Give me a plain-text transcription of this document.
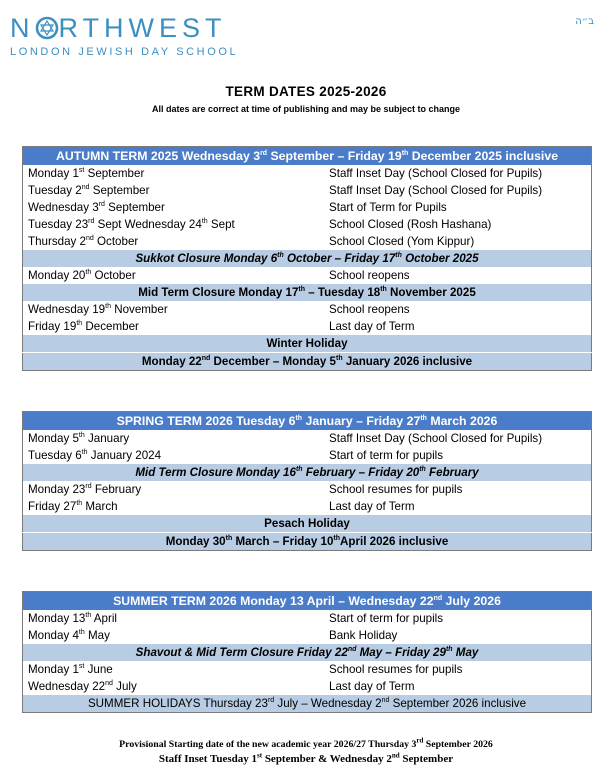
N RTHWEST
LONDON JEWISH DAY SCHOOL
ב״ה
TERM DATES 2025-2026
All dates are correct at time of publishing and may be subject to change
AUTUMN TERM 2025 Wednesday 3rd September – Friday 19th December 2025 inclusive	
Monday 1st September	Staff Inset Day (School Closed for Pupils)
Tuesday 2nd September	Staff Inset Day (School Closed for Pupils)
Wednesday 3rd September	Start of Term for Pupils
Tuesday 23rd Sept Wednesday 24th Sept	School Closed (Rosh Hashana)
Thursday 2nd October	School Closed (Yom Kippur)
Sukkot Closure Monday 6th October – Friday 17th October 2025	
Monday 20th October	School reopens
Mid Term Closure Monday 17th – Tuesday 18th November 2025	
Wednesday 19th November	School reopens
Friday 19th December	Last day of Term
Winter Holiday	
Monday 22nd December – Monday 5th January 2026 inclusive	
SPRING TERM 2026 Tuesday 6th January – Friday 27th March 2026	
Monday 5th January	Staff Inset Day (School Closed for Pupils)
Tuesday 6th January 2024	Start of term for pupils
Mid Term Closure Monday 16th February – Friday 20th February	
Monday 23rd February	School resumes for pupils
Friday 27th March	Last day of Term
Pesach Holiday	
Monday 30th March – Friday 10thApril 2026 inclusive	
SUMMER TERM 2026 Monday 13 April – Wednesday 22nd July 2026	
Monday 13th April	Start of term for pupils
Monday 4th May	Bank Holiday
Shavout & Mid Term Closure Friday 22nd May – Friday 29th May	
Monday 1st June	School resumes for pupils
Wednesday 22nd July	Last day of Term
SUMMER HOLIDAYS Thursday 23rd July – Wednesday 2nd September 2026 inclusive	
Provisional Starting date of the new academic year 2026/27 Thursday 3rd September 2026
Staff Inset Tuesday 1st September & Wednesday 2nd September
